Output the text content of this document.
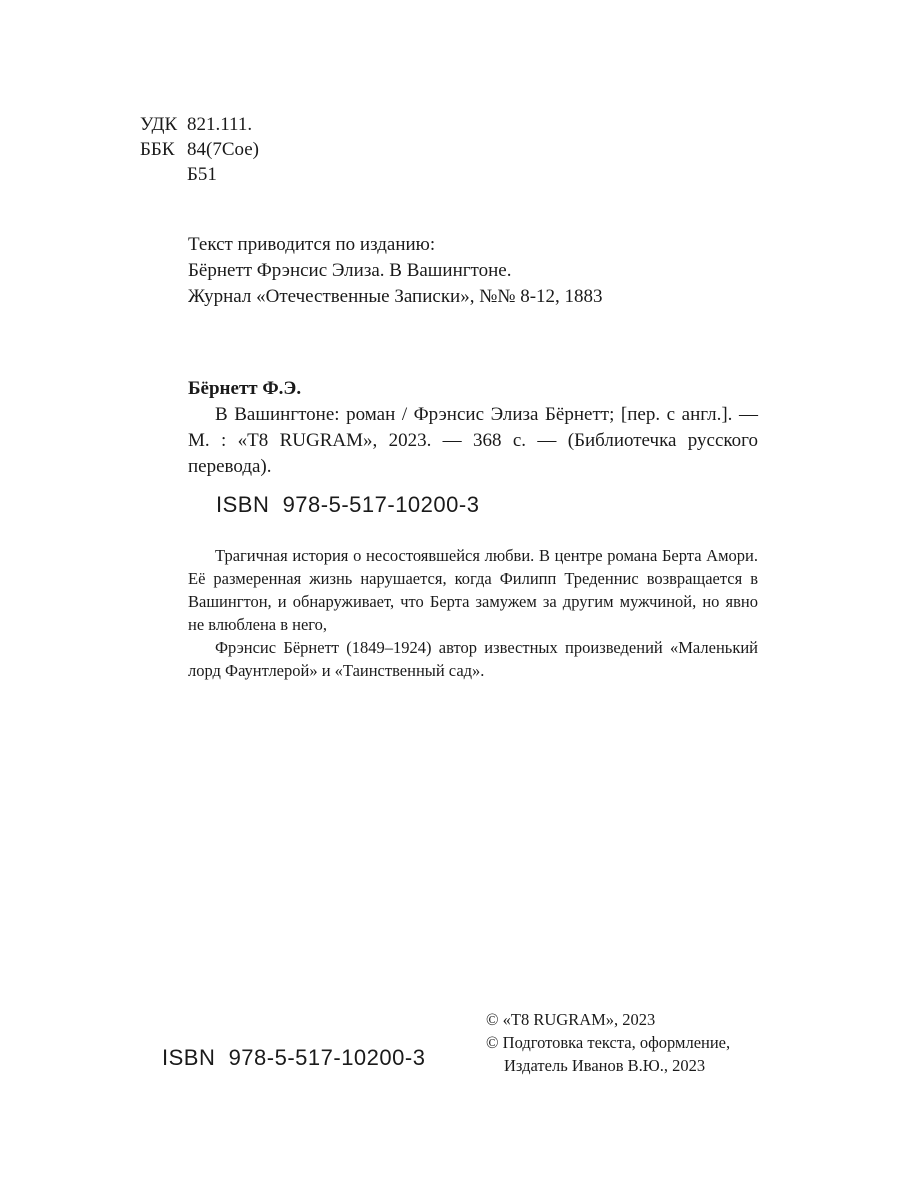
УДК 821.111.
ББК 84(7Сое)
Б51
Текст приводится по изданию:
Бёрнетт Фрэнсис Элиза. В Вашингтоне.
Журнал «Отечественные Записки», №№ 8-12, 1883
Бёрнетт Ф.Э.
В Вашингтоне: роман / Фрэнсис Элиза Бёрнетт; [пер. с англ.]. — М. : «T8 RUGRAM», 2023. — 368 с. — (Библиотечка русского перевода).
ISBN  978-5-517-10200-3

Трагичная история о несостоявшейся любви. В центре романа Берта Амори. Её размеренная жизнь нарушается, когда Филипп Треденнис возвращается в Вашингтон, и обнаруживает, что Берта замужем за другим мужчиной, но явно не влюблена в него,

Фрэнсис Бёрнетт (1849–1924) автор известных произведений «Маленький лорд Фаунтлерой» и «Таинственный сад».

ISBN  978-5-517-10200-3
© «T8 RUGRAM», 2023
© Подготовка текста, оформление,
Издатель Иванов В.Ю., 2023
